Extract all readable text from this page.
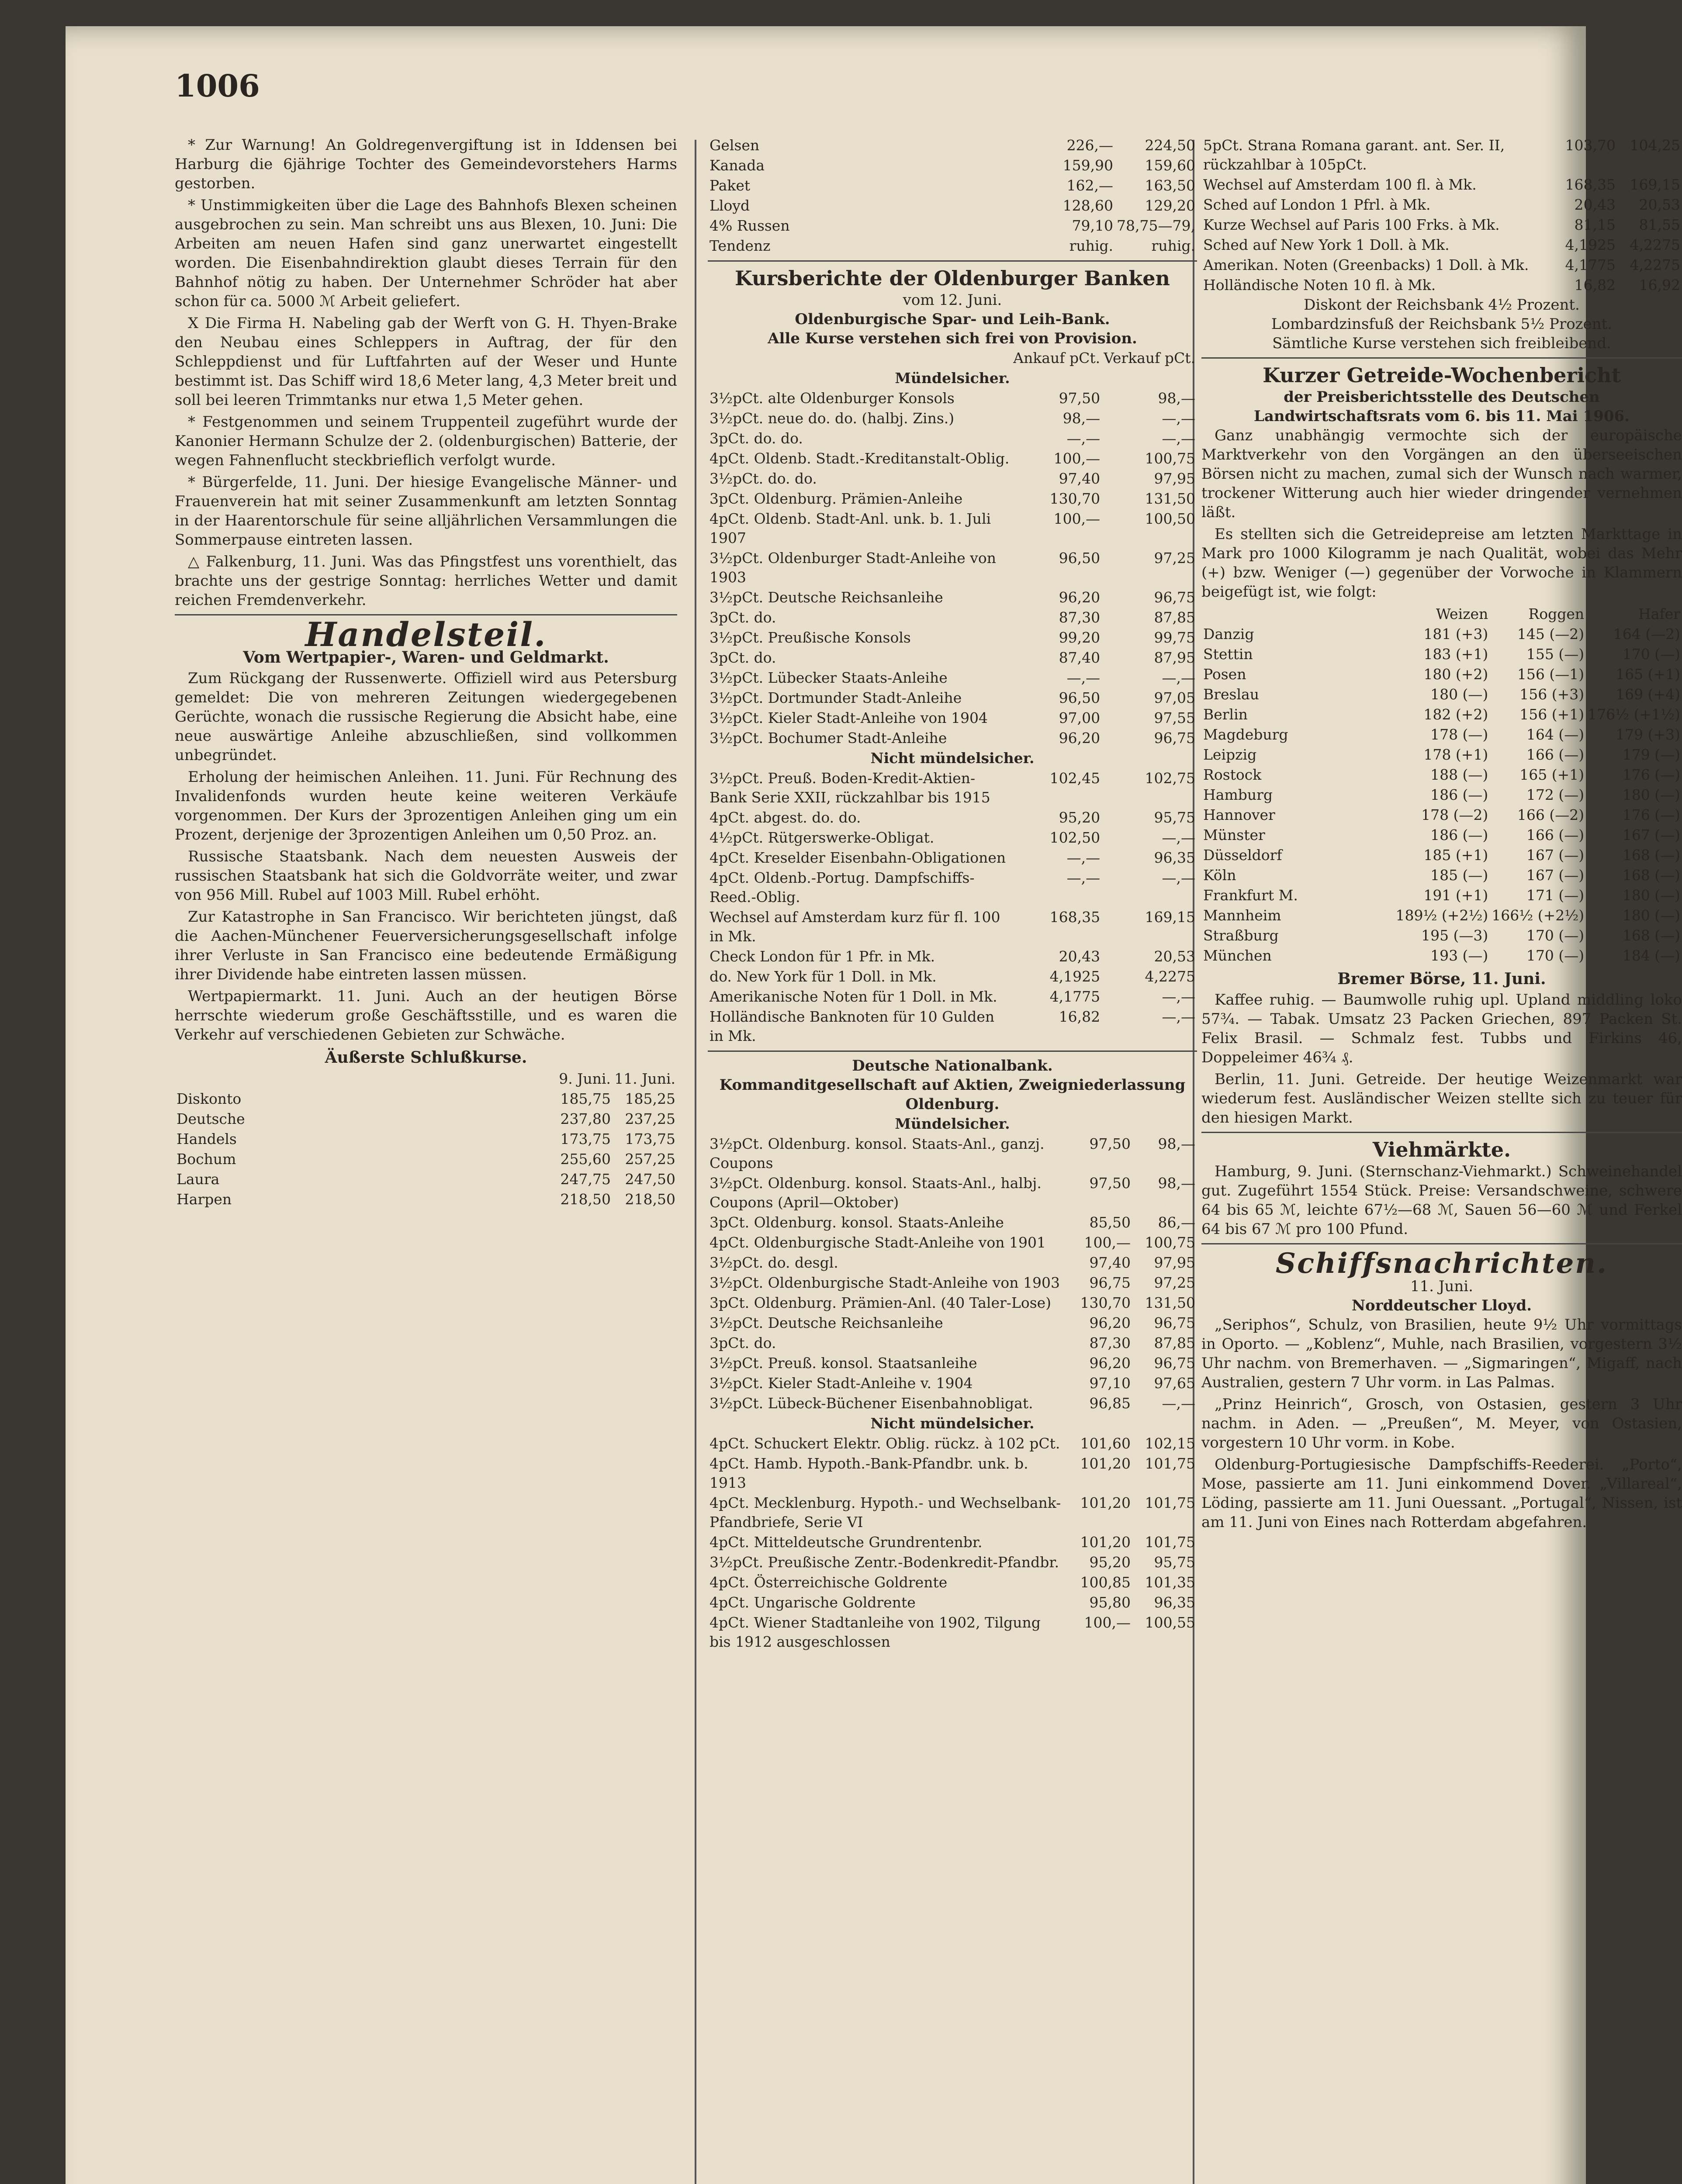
1006

* Zur Warnung! An Goldregenvergiftung ist in Iddensen bei Harburg die 6jährige Tochter des Gemeindevorstehers Harms gestorben.

* Unstimmigkeiten über die Lage des Bahnhofs Blexen scheinen ausgebrochen zu sein. Man schreibt uns aus Blexen, 10. Juni: Die Arbeiten am neuen Hafen sind ganz unerwartet eingestellt worden. Die Eisenbahndirektion glaubt dieses Terrain für den Bahnhof nötig zu haben. Der Unternehmer Schröder hat aber schon für ca. 5000 ℳ Arbeit geliefert.

X Die Firma H. Nabeling gab der Werft von G. H. Thyen-Brake den Neubau eines Schleppers in Auftrag, der für den Schleppdienst und für Luftfahrten auf der Weser und Hunte bestimmt ist. Das Schiff wird 18,6 Meter lang, 4,3 Meter breit und soll bei leeren Trimmtanks nur etwa 1,5 Meter gehen.

* Festgenommen und seinem Truppenteil zugeführt wurde der Kanonier Hermann Schulze der 2. (oldenburgischen) Batterie, der wegen Fahnenflucht steckbrieflich verfolgt wurde.

* Bürgerfelde, 11. Juni. Der hiesige Evangelische Männer- und Frauenverein hat mit seiner Zusammenkunft am letzten Sonntag in der Haarentorschule für seine alljährlichen Versammlungen die Sommerpause eintreten lassen.

△ Falkenburg, 11. Juni. Was das Pfingstfest uns vorenthielt, das brachte uns der gestrige Sonntag: herrliches Wetter und damit reichen Fremdenverkehr.

Handelsteil.
Vom Wertpapier-, Waren- und Geldmarkt.

Zum Rückgang der Russenwerte. Offiziell wird aus Petersburg gemeldet: Die von mehreren Zeitungen wiedergegebenen Gerüchte, wonach die russische Regierung die Absicht habe, eine neue auswärtige Anleihe abzuschließen, sind vollkommen unbegründet.

Erholung der heimischen Anleihen. 11. Juni. Für Rechnung des Invalidenfonds wurden heute keine weiteren Verkäufe vorgenommen. Der Kurs der 3prozentigen Anleihen ging um ein Prozent, derjenige der 3prozentigen Anleihen um 0,50 Proz. an.

Russische Staatsbank. Nach dem neuesten Ausweis der russischen Staatsbank hat sich die Goldvorräte weiter, und zwar von 956 Mill. Rubel auf 1003 Mill. Rubel erhöht.

Zur Katastrophe in San Francisco. Wir berichteten jüngst, daß die Aachen-Münchener Feuerversicherungsgesellschaft infolge ihrer Verluste in San Francisco eine bedeutende Ermäßigung ihrer Dividende habe eintreten lassen müssen.

Wertpapiermarkt. 11. Juni. Auch an der heutigen Börse herrschte wiederum große Geschäftsstille, und es waren die Verkehr auf verschiedenen Gebieten zur Schwäche.

Äußerste Schlußkurse.
	9. Juni.	11. Juni.
Diskonto	185,75	185,25
Deutsche	237,80	237,25
Handels	173,75	173,75
Bochum	255,60	257,25
Laura	247,75	247,50
Harpen	218,50	218,50
Gelsen	226,—	224,50
Kanada	159,90	159,60
Paket	162,—	163,50
Lloyd	128,60	129,20
4% Russen	79,10	78,75—79,
Tendenz	ruhig.	ruhig.
Kursberichte der Oldenburger Banken
vom 12. Juni.
Oldenburgische Spar- und Leih-Bank.
Alle Kurse verstehen sich frei von Provision.
	Ankauf pCt.	Verkauf pCt.
Mündelsicher.		
3½pCt. alte Oldenburger Konsols	97,50	98,—
3½pCt. neue do. do. (halbj. Zins.)	98,—	—,—
3pCt. do. do.	—,—	—,—
4pCt. Oldenb. Stadt.-Kreditanstalt-Oblig.	100,—	100,75
3½pCt. do. do.	97,40	97,95
3pCt. Oldenburg. Prämien-Anleihe	130,70	131,50
4pCt. Oldenb. Stadt-Anl. unk. b. 1. Juli 1907	100,—	100,50
3½pCt. Oldenburger Stadt-Anleihe von 1903	96,50	97,25
3½pCt. Deutsche Reichsanleihe	96,20	96,75
3pCt. do.	87,30	87,85
3½pCt. Preußische Konsols	99,20	99,75
3pCt. do.	87,40	87,95
3½pCt. Lübecker Staats-Anleihe	—,—	—,—
3½pCt. Dortmunder Stadt-Anleihe	96,50	97,05
3½pCt. Kieler Stadt-Anleihe von 1904	97,00	97,55
3½pCt. Bochumer Stadt-Anleihe	96,20	96,75
Nicht mündelsicher.		
3½pCt. Preuß. Boden-Kredit-Aktien-Bank Serie XXII, rückzahlbar bis 1915	102,45	102,75
4pCt. abgest. do. do.	95,20	95,75
4½pCt. Rütgerswerke-Obligat.	102,50	—,—
4pCt. Kreselder Eisenbahn-Obligationen	—,—	96,35
4pCt. Oldenb.-Portug. Dampfschiffs-Reed.-Oblig.	—,—	—,—
Wechsel auf Amsterdam kurz für fl. 100 in Mk.	168,35	169,15
Check London für 1 Pfr. in Mk.	20,43	20,53
do. New York für 1 Doll. in Mk.	4,1925	4,2275
Amerikanische Noten für 1 Doll. in Mk.	4,1775	—,—
Holländische Banknoten für 10 Gulden in Mk.	16,82	—,—
Deutsche Nationalbank.
Kommanditgesellschaft auf Aktien, Zweigniederlassung Oldenburg.
Mündelsicher.		
3½pCt. Oldenburg. konsol. Staats-Anl., ganzj. Coupons	97,50	98,—
3½pCt. Oldenburg. konsol. Staats-Anl., halbj. Coupons (April—Oktober)	97,50	98,—
3pCt. Oldenburg. konsol. Staats-Anleihe	85,50	86,—
4pCt. Oldenburgische Stadt-Anleihe von 1901	100,—	100,75
3½pCt. do. desgl.	97,40	97,95
3½pCt. Oldenburgische Stadt-Anleihe von 1903	96,75	97,25
3pCt. Oldenburg. Prämien-Anl. (40 Taler-Lose)	130,70	131,50
3½pCt. Deutsche Reichsanleihe	96,20	96,75
3pCt. do.	87,30	87,85
3½pCt. Preuß. konsol. Staatsanleihe	96,20	96,75
3½pCt. Kieler Stadt-Anleihe v. 1904	97,10	97,65
3½pCt. Lübeck-Büchener Eisenbahnobligat.	96,85	—,—
Nicht mündelsicher.		
4pCt. Schuckert Elektr. Oblig. rückz. à 102 pCt.	101,60	102,15
4pCt. Hamb. Hypoth.-Bank-Pfandbr. unk. b. 1913	101,20	101,75
4pCt. Mecklenburg. Hypoth.- und Wechselbank-Pfandbriefe, Serie VI	101,20	101,75
4pCt. Mitteldeutsche Grundrentenbr.	101,20	101,75
3½pCt. Preußische Zentr.-Bodenkredit-Pfandbr.	95,20	95,75
4pCt. Österreichische Goldrente	100,85	101,35
4pCt. Ungarische Goldrente	95,80	96,35
4pCt. Wiener Stadtanleihe von 1902, Tilgung bis 1912 ausgeschlossen	100,—	100,55
5pCt. Strana Romana garant. ant. Ser. II, rückzahlbar à 105pCt.	103,70	104,25
Wechsel auf Amsterdam 100 fl. à Mk.	168,35	169,15
Sched auf London 1 Pfrl. à Mk.	20,43	20,53
Kurze Wechsel auf Paris 100 Frks. à Mk.	81,15	81,55
Sched auf New York 1 Doll. à Mk.	4,1925	4,2275
Amerikan. Noten (Greenbacks) 1 Doll. à Mk.	4,1775	4,2275
Holländische Noten 10 fl. à Mk.	16,82	16,92
Diskont der Reichsbank 4½ Prozent.
Lombardzinsfuß der Reichsbank 5½ Prozent.
Sämtliche Kurse verstehen sich freibleibend.
Kurzer Getreide-Wochenbericht
der Preisberichtsstelle des Deutschen Landwirtschaftsrats vom 6. bis 11. Mai 1906.

Ganz unabhängig vermochte sich der europäische Marktverkehr von den Vorgängen an den überseeischen Börsen nicht zu machen, zumal sich der Wunsch nach warmer, trockener Witterung auch hier wieder dringender vernehmen läßt.

Es stellten sich die Getreidepreise am letzten Markttage in Mark pro 1000 Kilogramm je nach Qualität, wobei das Mehr (+) bzw. Weniger (—) gegenüber der Vorwoche in Klammern beigefügt ist, wie folgt:

	Weizen	Roggen	Hafer
Danzig	181 (+3)	145 (—2)	164 (—2)
Stettin	183 (+1)	155 (—)	170 (—)
Posen	180 (+2)	156 (—1)	165 (+1)
Breslau	180 (—)	156 (+3)	169 (+4)
Berlin	182 (+2)	156 (+1)	176½ (+1½)
Magdeburg	178 (—)	164 (—)	179 (+3)
Leipzig	178 (+1)	166 (—)	179 (—)
Rostock	188 (—)	165 (+1)	176 (—)
Hamburg	186 (—)	172 (—)	180 (—)
Hannover	178 (—2)	166 (—2)	176 (—)
Münster	186 (—)	166 (—)	167 (—)
Düsseldorf	185 (+1)	167 (—)	168 (—)
Köln	185 (—)	167 (—)	168 (—)
Frankfurt M.	191 (+1)	171 (—)	180 (—)
Mannheim	189½ (+2½)	166½ (+2½)	180 (—)
Straßburg	195 (—3)	170 (—)	168 (—)
München	193 (—)	170 (—)	184 (—)
Bremer Börse, 11. Juni.

Kaffee ruhig. — Baumwolle ruhig upl. Upland middling loko 57¾. — Tabak. Umsatz 23 Packen Griechen, 897 Packen St. Felix Brasil. — Schmalz fest. Tubbs und Firkins 46, Doppeleimer 46¾ ₰.

Berlin, 11. Juni. Getreide. Der heutige Weizenmarkt war wiederum fest. Ausländischer Weizen stellte sich zu teuer für den hiesigen Markt.

Viehmärkte.

Hamburg, 9. Juni. (Sternschanz-Viehmarkt.) Schweinehandel gut. Zugeführt 1554 Stück. Preise: Versandschweine, schwere 64 bis 65 ℳ, leichte 67½—68 ℳ, Sauen 56—60 ℳ und Ferkel 64 bis 67 ℳ pro 100 Pfund.

Schiffsnachrichten.
11. Juni.
Norddeutscher Lloyd.

„Seriphos“, Schulz, von Brasilien, heute 9½ Uhr vormittags in Oporto. — „Koblenz“, Muhle, nach Brasilien, vorgestern 3½ Uhr nachm. von Bremerhaven. — „Sigmaringen“, Migaff, nach Australien, gestern 7 Uhr vorm. in Las Palmas.

„Prinz Heinrich“, Grosch, von Ostasien, gestern 3 Uhr nachm. in Aden. — „Preußen“, M. Meyer, von Ostasien, vorgestern 10 Uhr vorm. in Kobe.

Oldenburg-Portugiesische Dampfschiffs-Reederei. „Porto“, Mose, passierte am 11. Juni einkommend Dover. „Villareal“, Löding, passierte am 11. Juni Ouessant. „Portugal“, Nissen, ist am 11. Juni von Eines nach Rotterdam abgefahren.
